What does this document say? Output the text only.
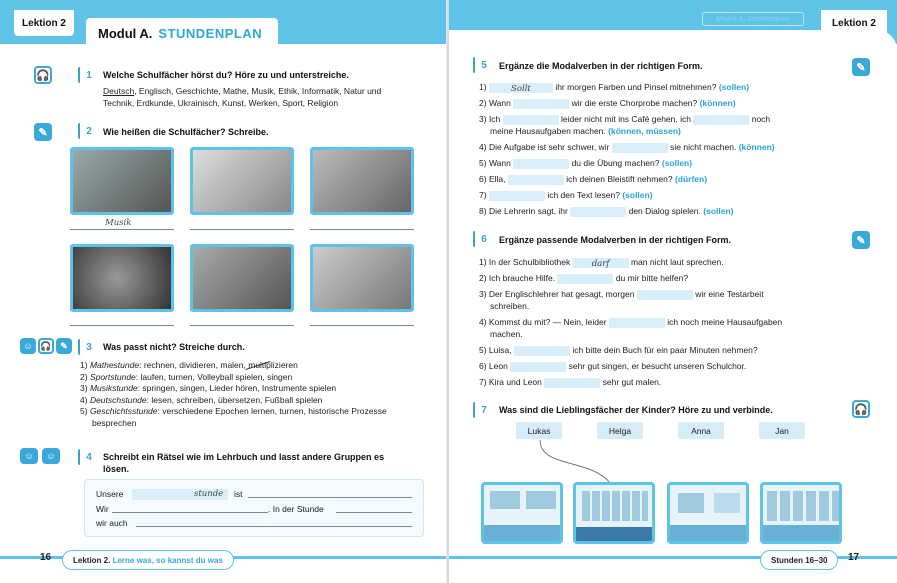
Lektion 2
Modul A. STUNDENPLAN
🎧	1	Welche Schulfächer hörst du? Höre zu und unterstreiche.
Deutsch, Englisch, Geschichte, Mathe, Musik, Ethik, Informatik, Natur und
Technik, Erdkunde, Ukrainisch, Kunst, Werken, Sport, Religion
✎	2	Wie heißen die Schulfächer? Schreibe.
Musik
☺ 🎧 ✎	3	Was passt nicht? Streiche durch.
1) Mathestunde: rechnen, dividieren, malen, multiplizieren
2) Sportstunde: laufen, turnen, Volleyball spielen, singen
3) Musikstunde: springen, singen, Lieder hören, Instrumente spielen
4) Deutschstunde: lesen, schreiben, übersetzen, Fußball spielen
5) Geschichtsstunde: verschiedene Epochen lernen, turnen, historische Prozesse
besprechen
☺	☺	4	Schreibt ein Rätsel wie im Lehrbuch und lasst andere Gruppen es
lösen.
Unsere	stunde ist
Wir	. In der Stunde
wir auch
16	Lektion 2.
Lerne was, so kannst du was
Lektion 2
Modul A. Stundenplan
5	Ergänze die Modalverben in der richtigen Form.	✎
1)	Sollt	ihr morgen Farben und Pinsel mitnehmen? (sollen)
2) Wann	wir die erste Chorprobe machen? (können)
3) Ich	leider nicht mit ins Café gehen, ich	noch
meine Hausaufgaben machen. (können, müssen)
4) Die Aufgabe ist sehr schwer, wir	sie nicht machen. (können)
5) Wann	du die Übung machen? (sollen)
6) Ella,	ich deinen Bleistift nehmen? (dürfen)
7)	ich den Text lesen? (sollen)
8) Die Lehrerin sagt, ihr	den Dialog spielen. (sollen)
6	Ergänze passende Modalverben in der richtigen Form.	✎
1) In der Schulbibliothek	darf	man nicht laut sprechen.
2) Ich brauche Hilfe.	du mir bitte helfen?
3) Der Englischlehrer hat gesagt, morgen	wir eine Testarbeit
schreiben.
4) Kommst du mit? — Nein, leider	ich noch meine Hausaufgaben
machen.
5) Luisa,	ich bitte dein Buch für ein paar Minuten nehmen?
6) Leon	sehr gut singen, er besucht unseren Schulchor.
7) Kira und Leon	sehr gut malen.
7	Was sind die Lieblingsfächer der Kinder? Höre zu und verbinde.	🎧
Lukas	Helga	Anna	Jan
Stunden 16–30	17
